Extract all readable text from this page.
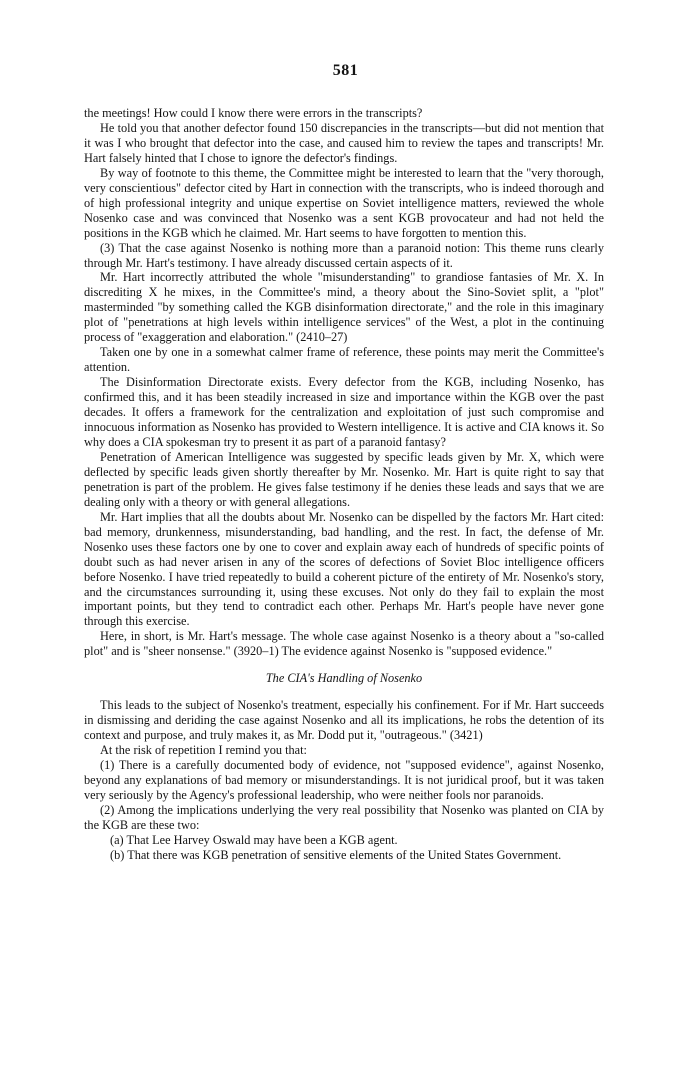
581

the meetings! How could I know there were errors in the transcripts?

He told you that another defector found 150 discrepancies in the transcripts—but did not mention that it was I who brought that defector into the case, and caused him to review the tapes and transcripts! Mr. Hart falsely hinted that I chose to ignore the defector's findings.

By way of footnote to this theme, the Committee might be interested to learn that the "very thorough, very conscientious" defector cited by Hart in connection with the transcripts, who is indeed thorough and of high professional integrity and unique expertise on Soviet intelligence matters, reviewed the whole Nosenko case and was convinced that Nosenko was a sent KGB provocateur and had not held the positions in the KGB which he claimed. Mr. Hart seems to have forgotten to mention this.

(3) That the case against Nosenko is nothing more than a paranoid notion: This theme runs clearly through Mr. Hart's testimony. I have already discussed certain aspects of it.

Mr. Hart incorrectly attributed the whole "misunderstanding" to grandiose fantasies of Mr. X. In discrediting X he mixes, in the Committee's mind, a theory about the Sino-Soviet split, a "plot" masterminded "by something called the KGB disinformation directorate," and the role in this imaginary plot of "penetrations at high levels within intelligence services" of the West, a plot in the continuing process of "exaggeration and elaboration." (2410–27)

Taken one by one in a somewhat calmer frame of reference, these points may merit the Committee's attention.

The Disinformation Directorate exists. Every defector from the KGB, including Nosenko, has confirmed this, and it has been steadily increased in size and importance within the KGB over the past decades. It offers a framework for the centralization and exploitation of just such compromise and innocuous information as Nosenko has provided to Western intelligence. It is active and CIA knows it. So why does a CIA spokesman try to present it as part of a paranoid fantasy?

Penetration of American Intelligence was suggested by specific leads given by Mr. X, which were deflected by specific leads given shortly thereafter by Mr. Nosenko. Mr. Hart is quite right to say that penetration is part of the problem. He gives false testimony if he denies these leads and says that we are dealing only with a theory or with general allegations.

Mr. Hart implies that all the doubts about Mr. Nosenko can be dispelled by the factors Mr. Hart cited: bad memory, drunkenness, misunderstanding, bad handling, and the rest. In fact, the defense of Mr. Nosenko uses these factors one by one to cover and explain away each of hundreds of specific points of doubt such as had never arisen in any of the scores of defections of Soviet Bloc intelligence officers before Nosenko. I have tried repeatedly to build a coherent picture of the entirety of Mr. Nosenko's story, and the circumstances surrounding it, using these excuses. Not only do they fail to explain the most important points, but they tend to contradict each other. Perhaps Mr. Hart's people have never gone through this exercise.

Here, in short, is Mr. Hart's message. The whole case against Nosenko is a theory about a "so-called plot" and is "sheer nonsense." (3920–1) The evidence against Nosenko is "supposed evidence."

The CIA's Handling of Nosenko

This leads to the subject of Nosenko's treatment, especially his confinement. For if Mr. Hart succeeds in dismissing and deriding the case against Nosenko and all its implications, he robs the detention of its context and purpose, and truly makes it, as Mr. Dodd put it, "outrageous." (3421)

At the risk of repetition I remind you that:

(1) There is a carefully documented body of evidence, not "supposed evidence", against Nosenko, beyond any explanations of bad memory or misunderstandings. It is not juridical proof, but it was taken very seriously by the Agency's professional leadership, who were neither fools nor paranoids.

(2) Among the implications underlying the very real possibility that Nosenko was planted on CIA by the KGB are these two:

(a) That Lee Harvey Oswald may have been a KGB agent.

(b) That there was KGB penetration of sensitive elements of the United States Government.
